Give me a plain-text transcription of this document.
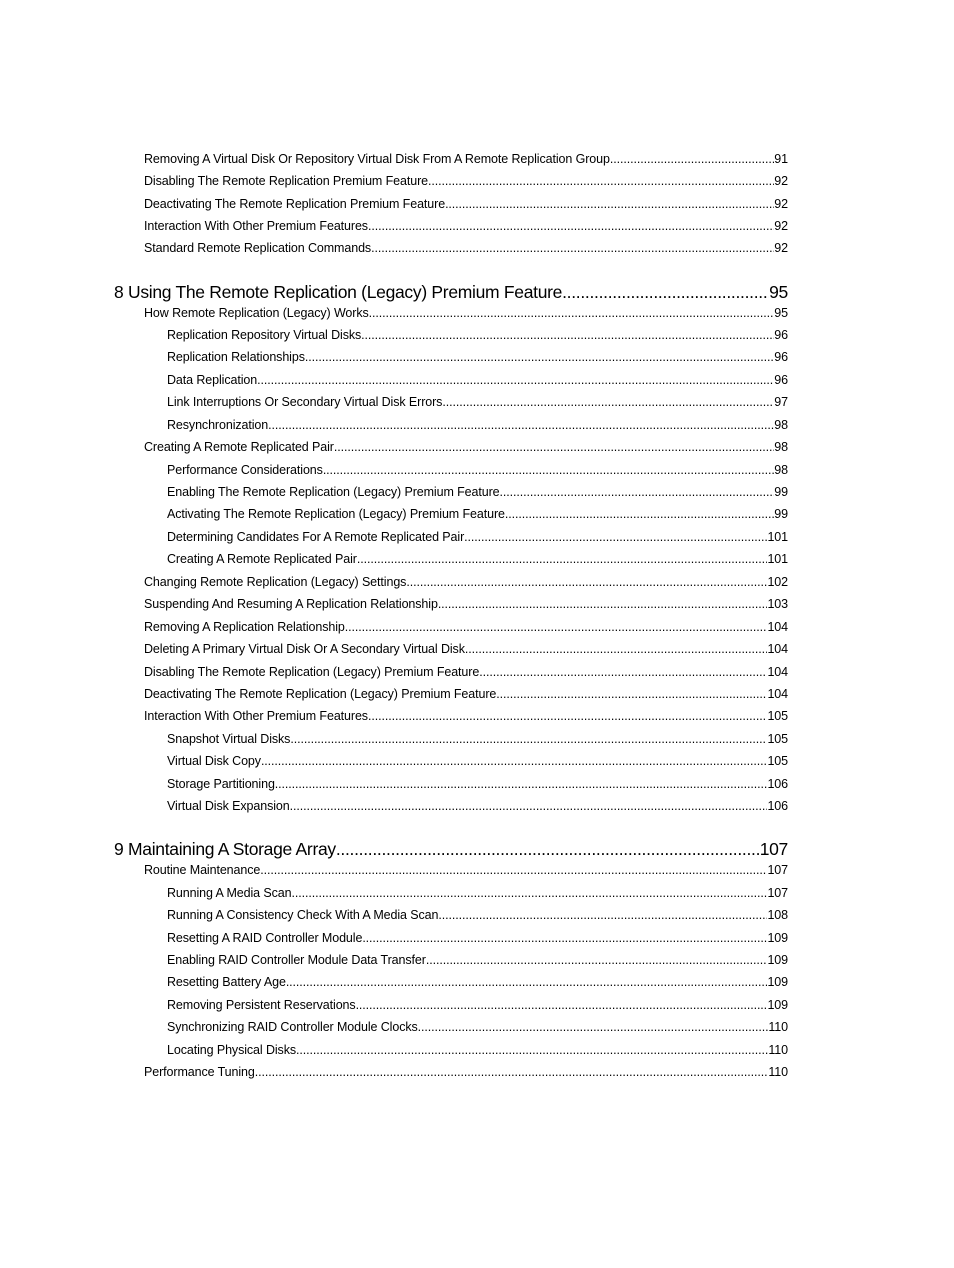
Removing A Virtual Disk Or Repository Virtual Disk From A Remote Replication Group .....	91
Disabling The Remote Replication Premium Feature .....	92
Deactivating The Remote Replication Premium Feature .....	92
Interaction With Other Premium Features .....	92
Standard Remote Replication Commands .....	92
8 Using The Remote Replication (Legacy) Premium Feature .....	95
How Remote Replication (Legacy) Works .....	95
Replication Repository Virtual Disks .....	96
Replication Relationships .....	96
Data Replication .....	96
Link Interruptions Or Secondary Virtual Disk Errors .....	97
Resynchronization .....	98
Creating A Remote Replicated Pair .....	98
Performance Considerations .....	98
Enabling The Remote Replication (Legacy) Premium Feature .....	99
Activating The Remote Replication (Legacy) Premium Feature .....	99
Determining Candidates For A Remote Replicated Pair .....	101
Creating A Remote Replicated Pair .....	101
Changing Remote Replication (Legacy) Settings .....	102
Suspending And Resuming A Replication Relationship .....	103
Removing A Replication Relationship .....	104
Deleting A Primary Virtual Disk Or A Secondary Virtual Disk .....	104
Disabling The Remote Replication (Legacy) Premium Feature .....	104
Deactivating The Remote Replication (Legacy) Premium Feature .....	104
Interaction With Other Premium Features .....	105
Snapshot Virtual Disks .....	105
Virtual Disk Copy .....	105
Storage Partitioning .....	106
Virtual Disk Expansion .....	106
9 Maintaining A Storage Array .....	107
Routine Maintenance .....	107
Running A Media Scan .....	107
Running A Consistency Check With A Media Scan .....	108
Resetting A RAID Controller Module .....	109
Enabling RAID Controller Module Data Transfer .....	109
Resetting Battery Age .....	109
Removing Persistent Reservations .....	109
Synchronizing RAID Controller Module Clocks .....	110
Locating Physical Disks .....	110
Performance Tuning .....	110
